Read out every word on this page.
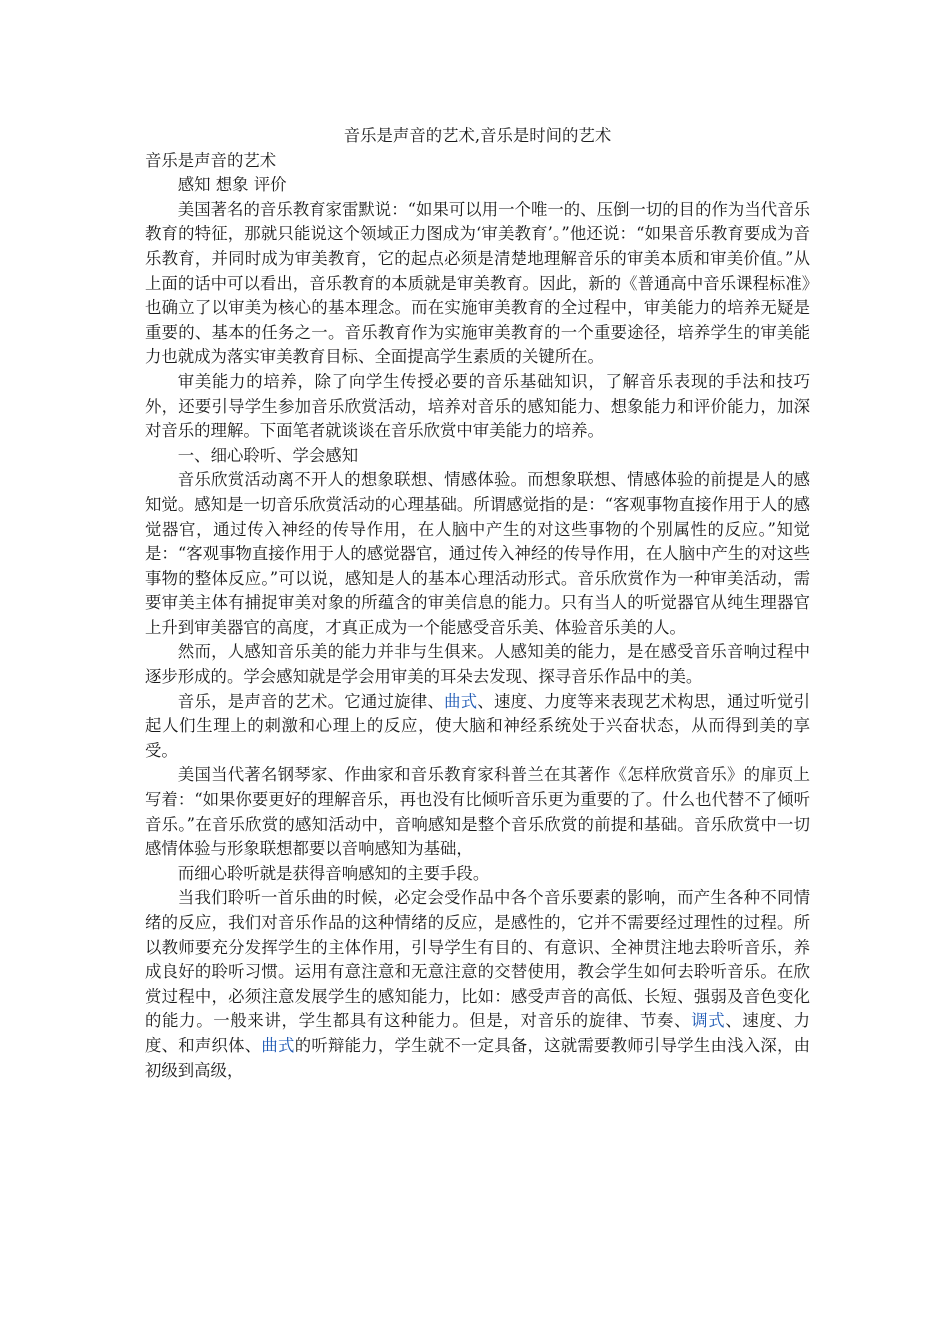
音乐是声音的艺术,音乐是时间的艺术

音乐是声音的艺术

感知 想象 评价

美国著名的音乐教育家雷默说：“如果可以用一个唯一的、压倒一切的目的作为当代音乐教育的特征，那就只能说这个领域正力图成为‘审美教育’。”他还说：“如果音乐教育要成为音乐教育，并同时成为审美教育，它的起点必须是清楚地理解音乐的审美本质和审美价值。”从上面的话中可以看出，音乐教育的本质就是审美教育。因此，新的《普通高中音乐课程标准》也确立了以审美为核心的基本理念。而在实施审美教育的全过程中，审美能力的培养无疑是重要的、基本的任务之一。音乐教育作为实施审美教育的一个重要途径，培养学生的审美能力也就成为落实审美教育目标、全面提高学生素质的关键所在。

审美能力的培养，除了向学生传授必要的音乐基础知识，了解音乐表现的手法和技巧外，还要引导学生参加音乐欣赏活动，培养对音乐的感知能力、想象能力和评价能力，加深对音乐的理解。下面笔者就谈谈在音乐欣赏中审美能力的培养。

一、细心聆听、学会感知

音乐欣赏活动离不开人的想象联想、情感体验。而想象联想、情感体验的前提是人的感知觉。感知是一切音乐欣赏活动的心理基础。所谓感觉指的是：“客观事物直接作用于人的感觉器官，通过传入神经的传导作用，在人脑中产生的对这些事物的个别属性的反应。”知觉是：“客观事物直接作用于人的感觉器官，通过传入神经的传导作用，在人脑中产生的对这些事物的整体反应。”可以说，感知是人的基本心理活动形式。音乐欣赏作为一种审美活动，需要审美主体有捕捉审美对象的所蕴含的审美信息的能力。只有当人的听觉器官从纯生理器官上升到审美器官的高度，才真正成为一个能感受音乐美、体验音乐美的人。

然而，人感知音乐美的能力并非与生俱来。人感知美的能力，是在感受音乐音响过程中逐步形成的。学会感知就是学会用审美的耳朵去发现、探寻音乐作品中的美。

音乐，是声音的艺术。它通过旋律、曲式、速度、力度等来表现艺术构思，通过听觉引起人们生理上的刺激和心理上的反应，使大脑和神经系统处于兴奋状态，从而得到美的享受。

美国当代著名钢琴家、作曲家和音乐教育家科普兰在其著作《怎样欣赏音乐》的扉页上写着：“如果你要更好的理解音乐，再也没有比倾听音乐更为重要的了。什么也代替不了倾听音乐。”在音乐欣赏的感知活动中，音响感知是整个音乐欣赏的前提和基础。音乐欣赏中一切感情体验与形象联想都要以音响感知为基础，

而细心聆听就是获得音响感知的主要手段。

当我们聆听一首乐曲的时候，必定会受作品中各个音乐要素的影响，而产生各种不同情绪的反应，我们对音乐作品的这种情绪的反应，是感性的，它并不需要经过理性的过程。所以教师要充分发挥学生的主体作用，引导学生有目的、有意识、全神贯注地去聆听音乐，养成良好的聆听习惯。运用有意注意和无意注意的交替使用，教会学生如何去聆听音乐。在欣赏过程中，必须注意发展学生的感知能力，比如：感受声音的高低、长短、强弱及音色变化的能力。一般来讲，学生都具有这种能力。但是，对音乐的旋律、节奏、调式、速度、力度、和声织体、曲式的听辩能力，学生就不一定具备，这就需要教师引导学生由浅入深，由初级到高级，
